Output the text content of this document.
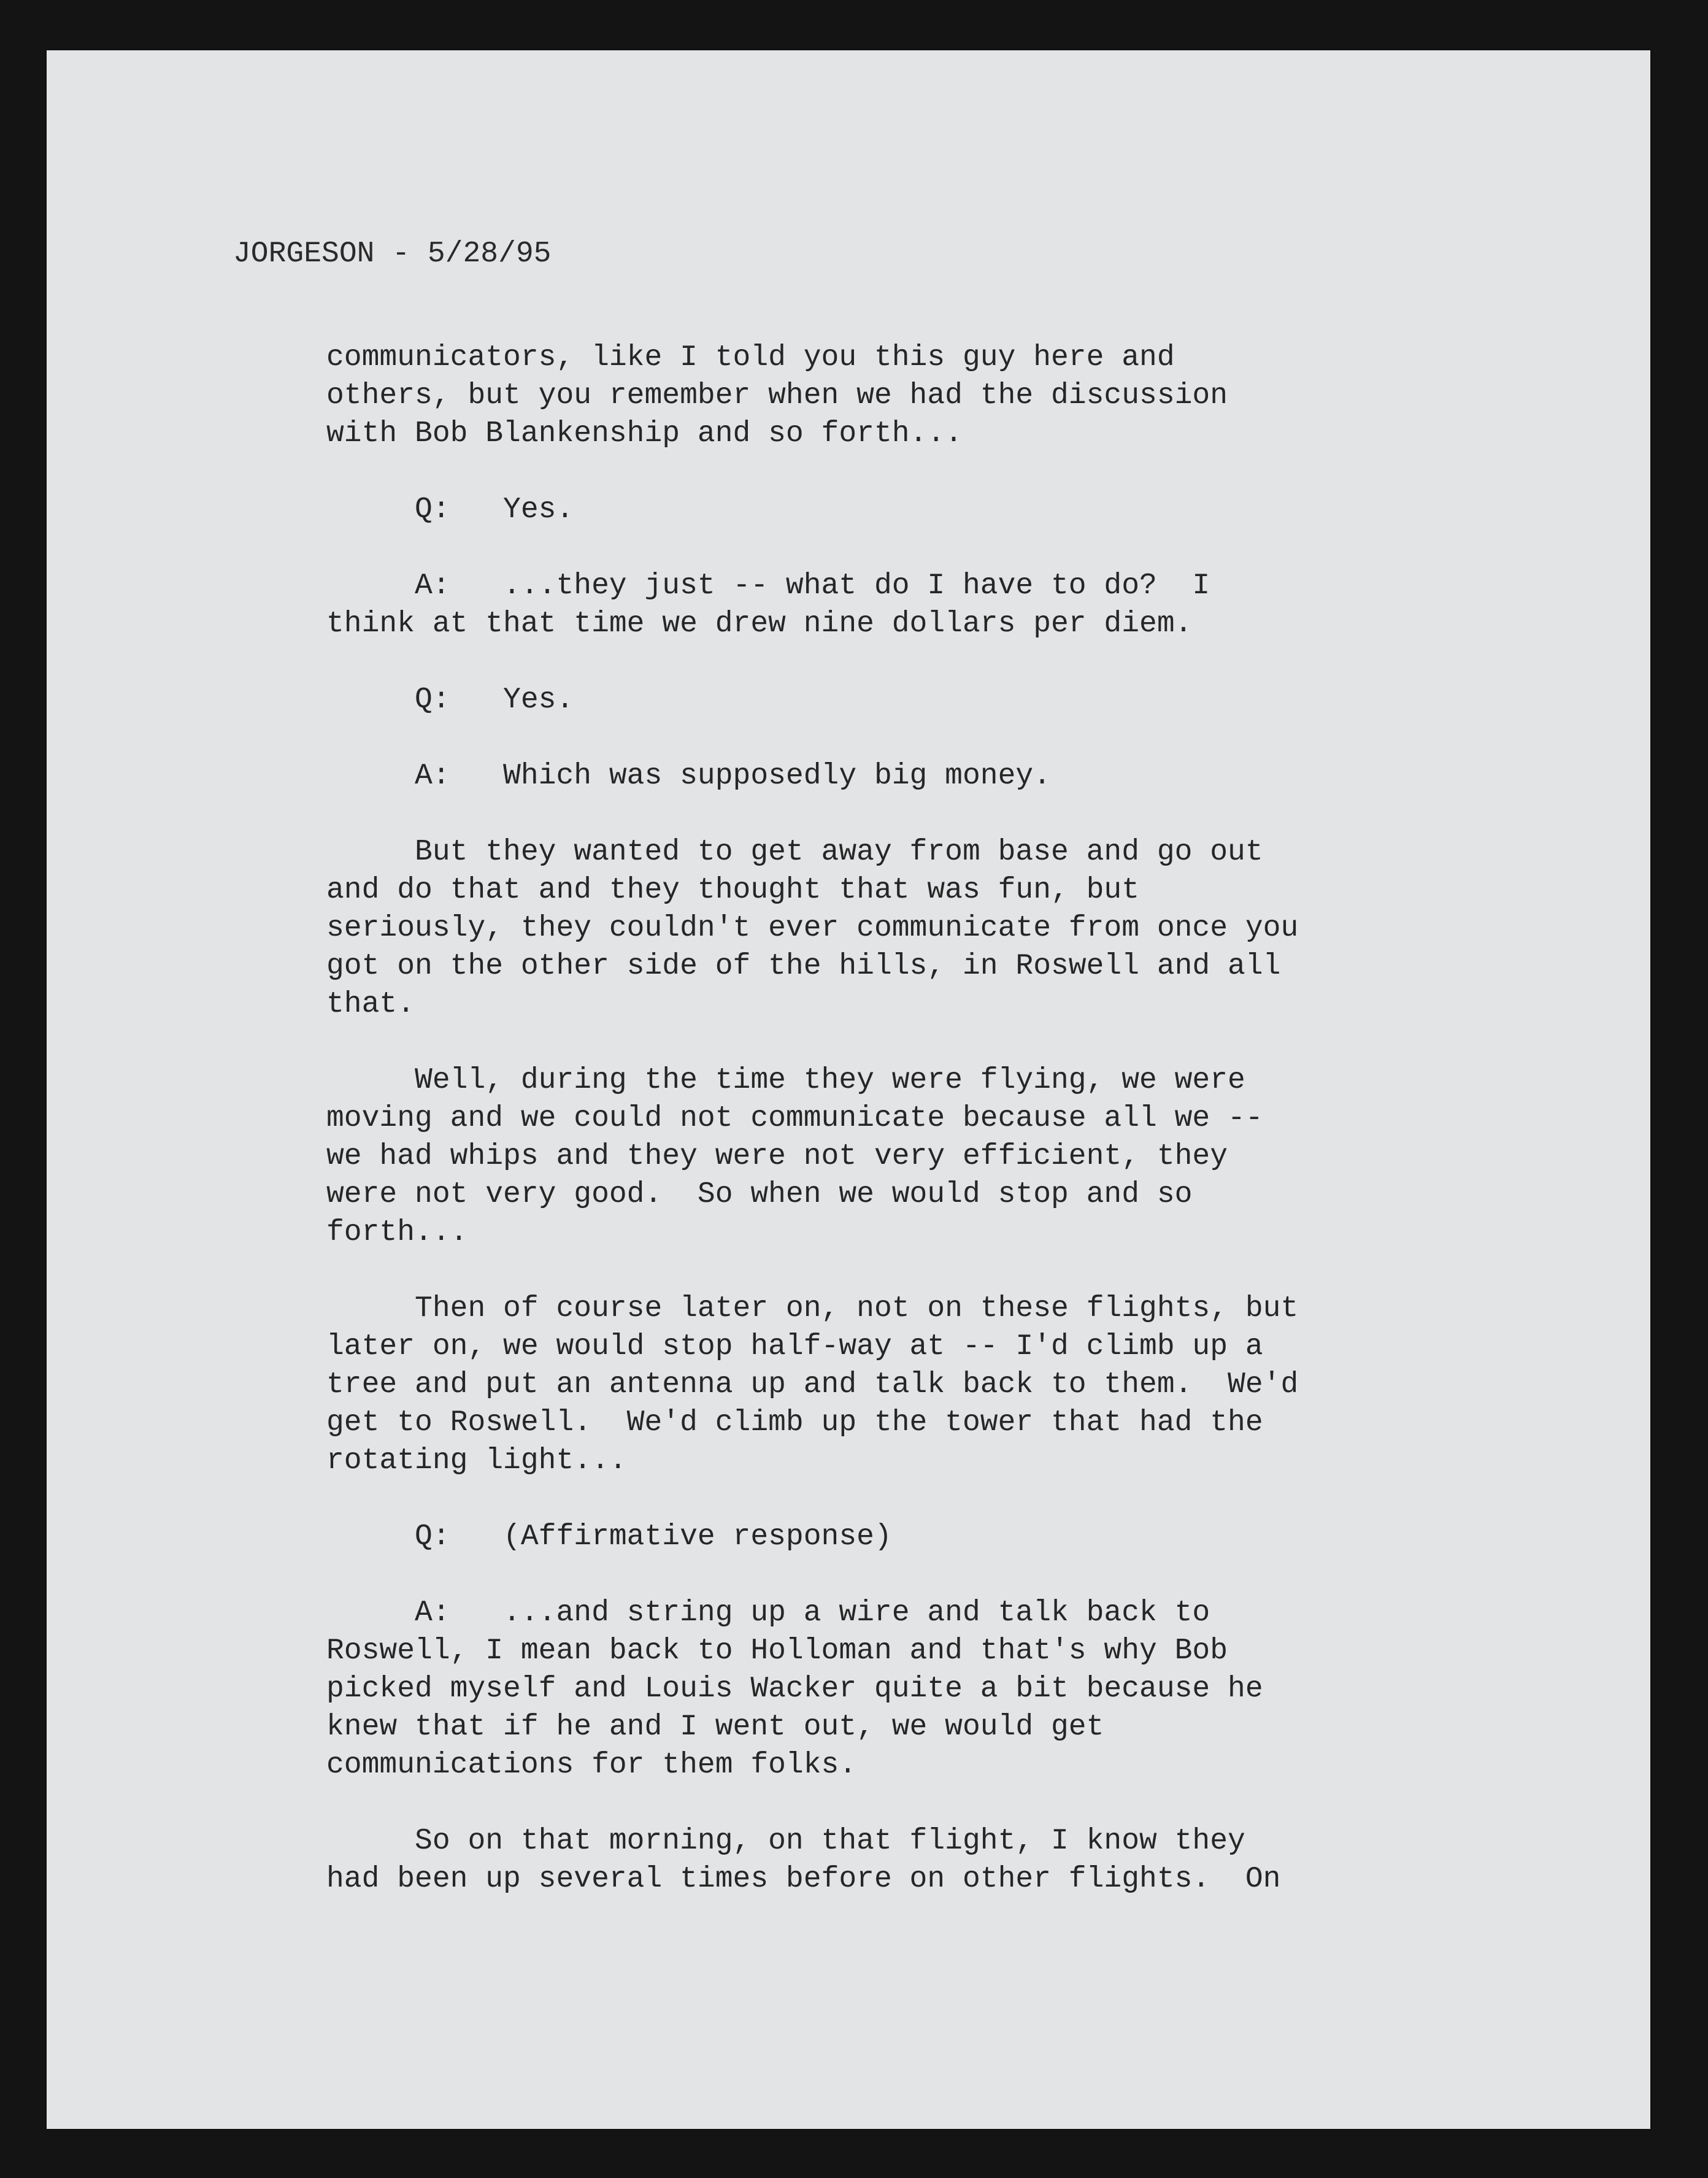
JORGESON - 5/28/95

communicators, like I told you this guy here and
others, but you remember when we had the discussion
with Bob Blankenship and so forth...

Q:   Yes.

A:   ...they just -- what do I have to do?  I
think at that time we drew nine dollars per diem.

Q:   Yes.

A:   Which was supposedly big money.

But they wanted to get away from base and go out
and do that and they thought that was fun, but
seriously, they couldn't ever communicate from once you
got on the other side of the hills, in Roswell and all
that.

Well, during the time they were flying, we were
moving and we could not communicate because all we --
we had whips and they were not very efficient, they
were not very good.  So when we would stop and so
forth...

Then of course later on, not on these flights, but
later on, we would stop half-way at -- I'd climb up a
tree and put an antenna up and talk back to them.  We'd
get to Roswell.  We'd climb up the tower that had the
rotating light...

Q:   (Affirmative response)

A:   ...and string up a wire and talk back to
Roswell, I mean back to Holloman and that's why Bob
picked myself and Louis Wacker quite a bit because he
knew that if he and I went out, we would get
communications for them folks.

So on that morning, on that flight, I know they
had been up several times before on other flights.  On
